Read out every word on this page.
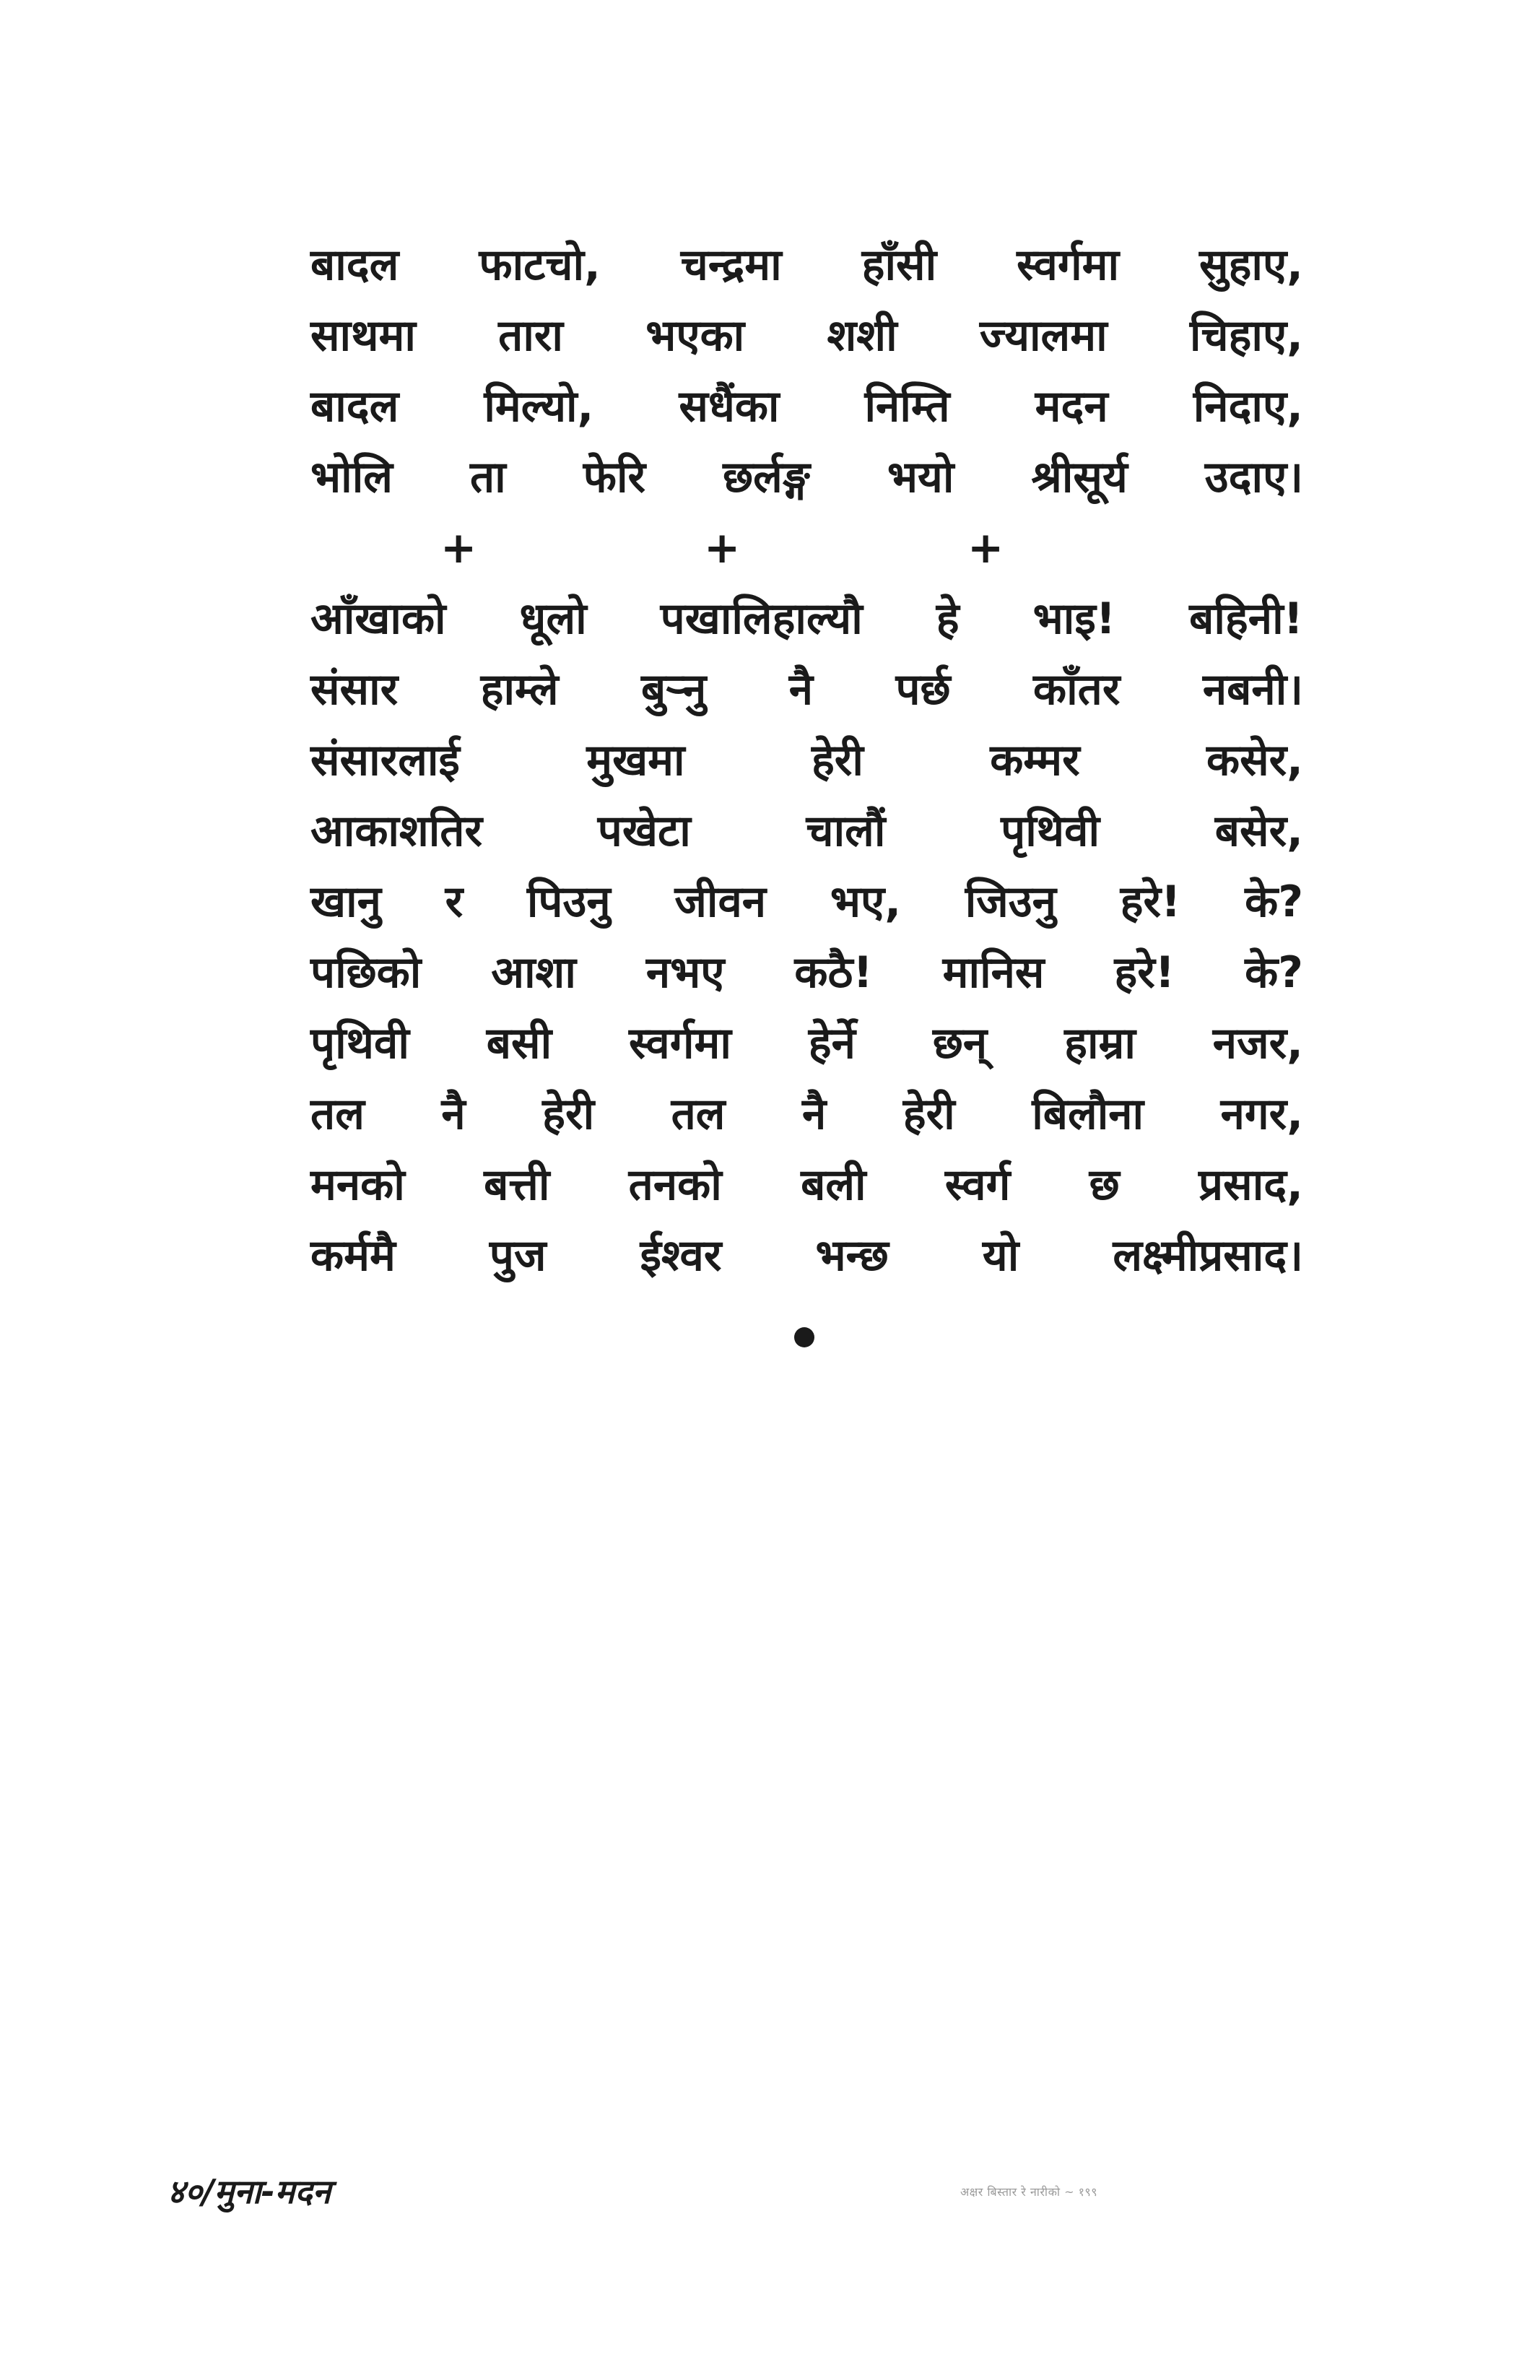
बादल फाटचो, चन्द्रमा हाँसी स्वर्गमा सुहाए,
साथमा तारा भएका शशी ज्यालमा चिहाए,
बादल मिल्यो, सधैंका निम्ति मदन निदाए,
भोलि ता फेरि छर्लङ्ग भयो श्रीसूर्य उदाए।
+	+	+
आँखाको धूलो पखालिहाल्यौ हे भाइ! बहिनी!
संसार हाम्ले बुऱ्नु नै पर्छ काँतर नबनी।
संसारलाई	मुखमा	हेरी	कम्मर	कसेर,
आकाशतिर	पखेटा	चालौं	पृथिवी	बसेर,
खानु र पिउनु जीवन भए, जिउनु हरे! के?
पछिको आशा नभए कठै! मानिस हरे! के?
पृथिवी बसी स्वर्गमा हेर्ने छन् हाम्रा नजर,
तल नै हेरी तल नै हेरी बिलौना नगर,
मनको बत्ती तनको बली स्वर्ग छ प्रसाद,
कर्ममै पुज ईश्वर भन्छ यो लक्ष्मीप्रसाद।
४०/मुना-मदन	अक्षर बिस्तार रे नारीको ~ १९९
